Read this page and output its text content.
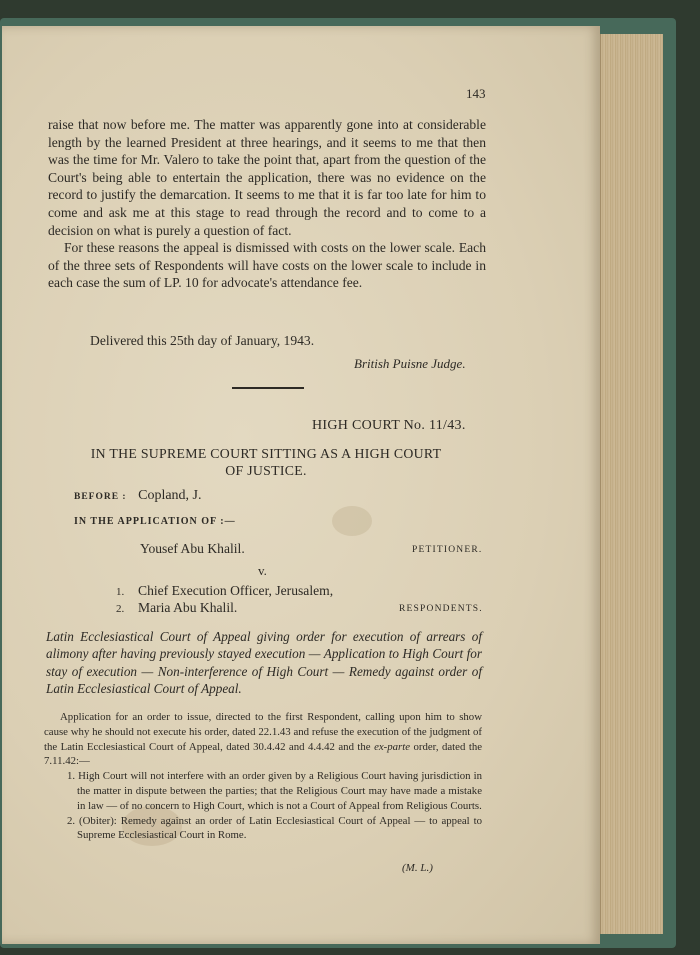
143

raise that now before me. The matter was apparently gone into at considerable length by the learned President at three hearings, and it seems to me that then was the time for Mr. Valero to take the point that, apart from the question of the Court's being able to entertain the application, there was no evidence on the record to justify the demarcation. It seems to me that it is far too late for him to come and ask me at this stage to read through the record and to come to a decision on what is purely a question of fact.

For these reasons the appeal is dismissed with costs on the lower scale. Each of the three sets of Respondents will have costs on the lower scale to include in each case the sum of LP. 10 for advocate's attendance fee.

Delivered this 25th day of January, 1943.
British Puisne Judge.
HIGH COURT No. 11/43.
IN THE SUPREME COURT SITTING AS A HIGH COURT
OF JUSTICE.
BEFORE : Copland, J.
IN THE APPLICATION OF :—
Yousef Abu Khalil.	PETITIONER.
v.
1. Chief Execution Officer, Jerusalem,
2. Maria Abu Khalil.	RESPONDENTS.
Latin Ecclesiastical Court of Appeal giving order for execution of arrears of alimony after having previously stayed execution — Application to High Court for stay of execution — Non-interference of High Court — Remedy against order of Latin Ecclesiastical Court of Appeal.

Application for an order to issue, directed to the first Respondent, calling upon him to show cause why he should not execute his order, dated 22.1.43 and refuse the execution of the judgment of the Latin Ecclesiastical Court of Appeal, dated 30.4.42 and 4.4.42 and the ex-parte order, dated the 7.11.42:—

1. High Court will not interfere with an order given by a Religious Court having jurisdiction in the matter in dispute between the parties; that the Religious Court may have made a mistake in law — of no concern to High Court, which is not a Court of Appeal from Religious Courts.

2. (Obiter): Remedy against an order of Latin Ecclesiastical Court of Appeal — to appeal to Supreme Ecclesiastical Court in Rome.

(M. L.)
